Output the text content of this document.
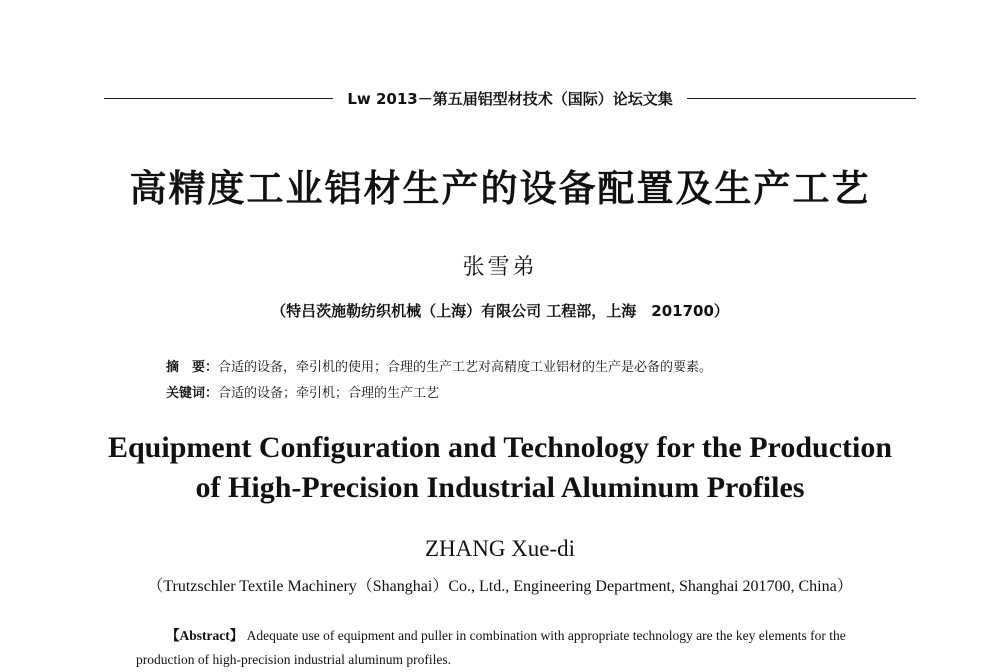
Lw 2013－第五届铝型材技术（国际）论坛文集
高精度工业铝材生产的设备配置及生产工艺
张雪弟
（特吕茨施勒纺织机械（上海）有限公司 工程部，上海　201700）
摘　要：合适的设备，牵引机的使用；合理的生产工艺对高精度工业铝材的生产是必备的要素。
关键词：合适的设备；牵引机；合理的生产工艺
Equipment Configuration and Technology for the Production
of High-Precision Industrial Aluminum Profiles
ZHANG Xue-di
（Trutzschler Textile Machinery（Shanghai）Co., Ltd., Engineering Department, Shanghai 201700, China）
【Abstract】 Adequate use of equipment and puller in combination with appropriate technology are the key elements for the production of high-precision industrial aluminum profiles.
